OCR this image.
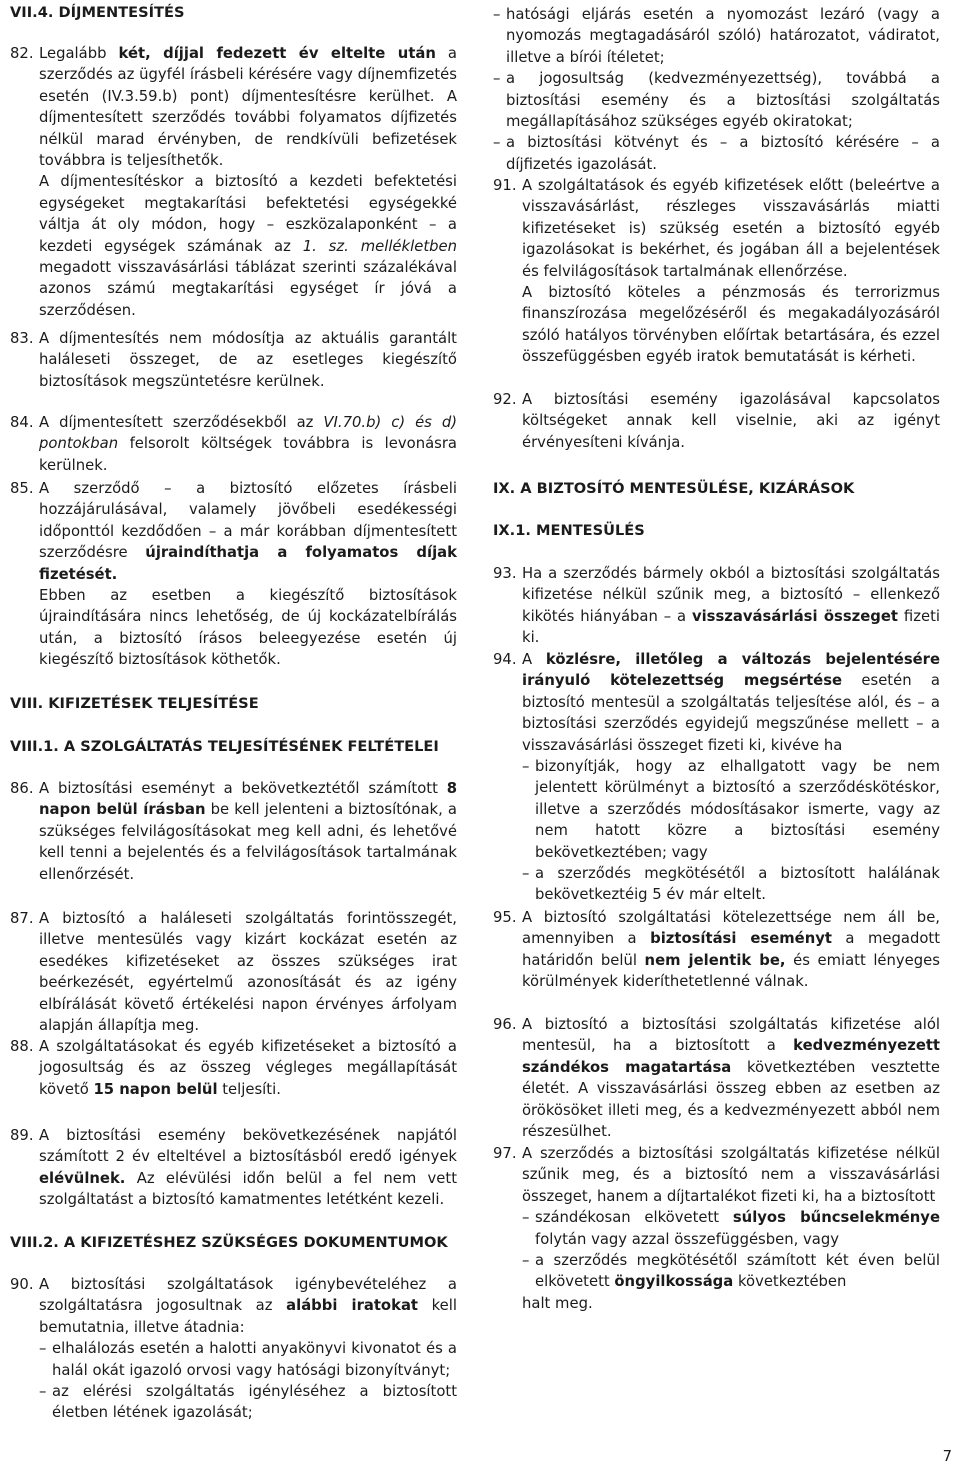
VII.4. DÍJMENTESÍTÉS
82. Legalább két, díjjal fedezett év eltelte után a szerződés az ügyfél írásbeli kérésére vagy díjnemfizetés esetén (IV.3.59.b) pont) díjmentesítésre kerülhet. A díjmentesített szerződés további folyamatos díjfizetés nélkül marad érvényben, de rendkívüli befizetések továbbra is teljesíthetők.
A díjmentesítéskor a biztosító a kezdeti befektetési egységeket megtakarítási befektetési egységekké váltja át oly módon, hogy – eszközalaponként – a kezdeti egységek számának az 1. sz. mellékletben megadott visszavásárlási táblázat szerinti százalékával azonos számú megtakarítási egységet ír jóvá a szerződésen.
83. A díjmentesítés nem módosítja az aktuális garantált haláleseti összeget, de az esetleges kiegészítő biztosítások megszüntetésre kerülnek.
84. A díjmentesített szerződésekből az VI.70.b) c) és d) pontokban felsorolt költségek továbbra is levonásra kerülnek.
85. A szerződő – a biztosító előzetes írásbeli hozzájárulásával, valamely jövőbeli esedékességi időponttól kezdődően – a már korábban díjmentesített szerződésre újraindíthatja a folyamatos díjak fizetését.
Ebben az esetben a kiegészítő biztosítások újraindítására nincs lehetőség, de új kockázatelbírálás után, a biztosító írásos beleegyezése esetén új kiegészítő biztosítások köthetők.
VIII. KIFIZETÉSEK TELJESÍTÉSE
VIII.1. A SZOLGÁLTATÁS TELJESÍTÉSÉNEK FELTÉTELEI
86. A biztosítási eseményt a bekövetkeztétől számított 8 napon belül írásban be kell jelenteni a biztosítónak, a szükséges felvilágosításokat meg kell adni, és lehetővé kell tenni a bejelentés és a felvilágosítások tartalmának ellenőrzését.
87. A biztosító a haláleseti szolgáltatás forintösszegét, illetve mentesülés vagy kizárt kockázat esetén az esedékes kifizetéseket az összes szükséges irat beérkezését, egyértelmű azonosítását és az igény elbírálását követő értékelési napon érvényes árfolyam alapján állapítja meg.
88. A szolgáltatásokat és egyéb kifizetéseket a biztosító a jogosultság és az összeg végleges megállapítását követő 15 napon belül teljesíti.
89. A biztosítási esemény bekövetkezésének napjától számított 2 év elteltével a biztosításból eredő igények elévülnek. Az elévülési időn belül a fel nem vett szolgáltatást a biztosító kamatmentes letétként kezeli.
VIII.2. A KIFIZETÉSHEZ SZÜKSÉGES DOKUMENTUMOK
90. A biztosítási szolgáltatások igénybevételéhez a szolgáltatásra jogosultnak az alábbi iratokat kell bemutatnia, illetve átadnia:
– elhalálozás esetén a halotti anyakönyvi kivonatot és a halál okát igazoló orvosi vagy hatósági bizonyítványt;
– az elérési szolgáltatás igényléséhez a biztosított életben létének igazolását;
– hatósági eljárás esetén a nyomozást lezáró (vagy a nyomozás megtagadásáról szóló) határozatot, vádiratot, illetve a bírói ítéletet;
– a jogosultság (kedvezményezettség), továbbá a biztosítási esemény és a biztosítási szolgáltatás megállapításához szükséges egyéb okiratokat;
– a biztosítási kötvényt és – a biztosító kérésére – a díjfizetés igazolását.
91. A szolgáltatások és egyéb kifizetések előtt (beleértve a visszavásárlást, részleges visszavásárlás miatti kifizetéseket is) szükség esetén a biztosító egyéb igazolásokat is bekérhet, és jogában áll a bejelentések és felvilágosítások tartalmának ellenőrzése.
A biztosító köteles a pénzmosás és terrorizmus finanszírozása megelőzéséről és megakadályozásáról szóló hatályos törvényben előírtak betartására, és ezzel összefüggésben egyéb iratok bemutatását is kérheti.
92. A biztosítási esemény igazolásával kapcsolatos költségeket annak kell viselnie, aki az igényt érvényesíteni kívánja.
IX. A BIZTOSÍTÓ MENTESÜLÉSE, KIZÁRÁSOK
IX.1. MENTESÜLÉS
93. Ha a szerződés bármely okból a biztosítási szolgáltatás kifizetése nélkül szűnik meg, a biztosító – ellenkező kikötés hiányában – a visszavásárlási összeget fizeti ki.
94. A közlésre, illetőleg a változás bejelentésére irányuló kötelezettség megsértése esetén a biztosító mentesül a szolgáltatás teljesítése alól, és – a biztosítási szerződés egyidejű megszűnése mellett – a visszavásárlási összeget fizeti ki, kivéve ha
– bizonyítják, hogy az elhallgatott vagy be nem jelentett körülményt a biztosító a szerződéskötéskor, illetve a szerződés módosításakor ismerte, vagy az nem hatott közre a biztosítási esemény bekövetkeztében; vagy
– a szerződés megkötésétől a biztosított halálának bekövetkeztéig 5 év már eltelt.
95. A biztosító szolgáltatási kötelezettsége nem áll be, amennyiben a biztosítási eseményt a megadott határidőn belül nem jelentik be, és emiatt lényeges körülmények kideríthetetlenné válnak.
96. A biztosító a biztosítási szolgáltatás kifizetése alól mentesül, ha a biztosított a kedvezményezett szándékos magatartása következtében vesztette életét. A visszavásárlási összeg ebben az esetben az örökösöket illeti meg, és a kedvezményezett abból nem részesülhet.
97. A szerződés a biztosítási szolgáltatás kifizetése nélkül szűnik meg, és a biztosító nem a visszavásárlási összeget, hanem a díjtartalékot fizeti ki, ha a biztosított
– szándékosan elkövetett súlyos bűncselekménye folytán vagy azzal összefüggésben, vagy
– a szerződés megkötésétől számított két éven belül elkövetett öngyilkossága következtében
halt meg.
7
